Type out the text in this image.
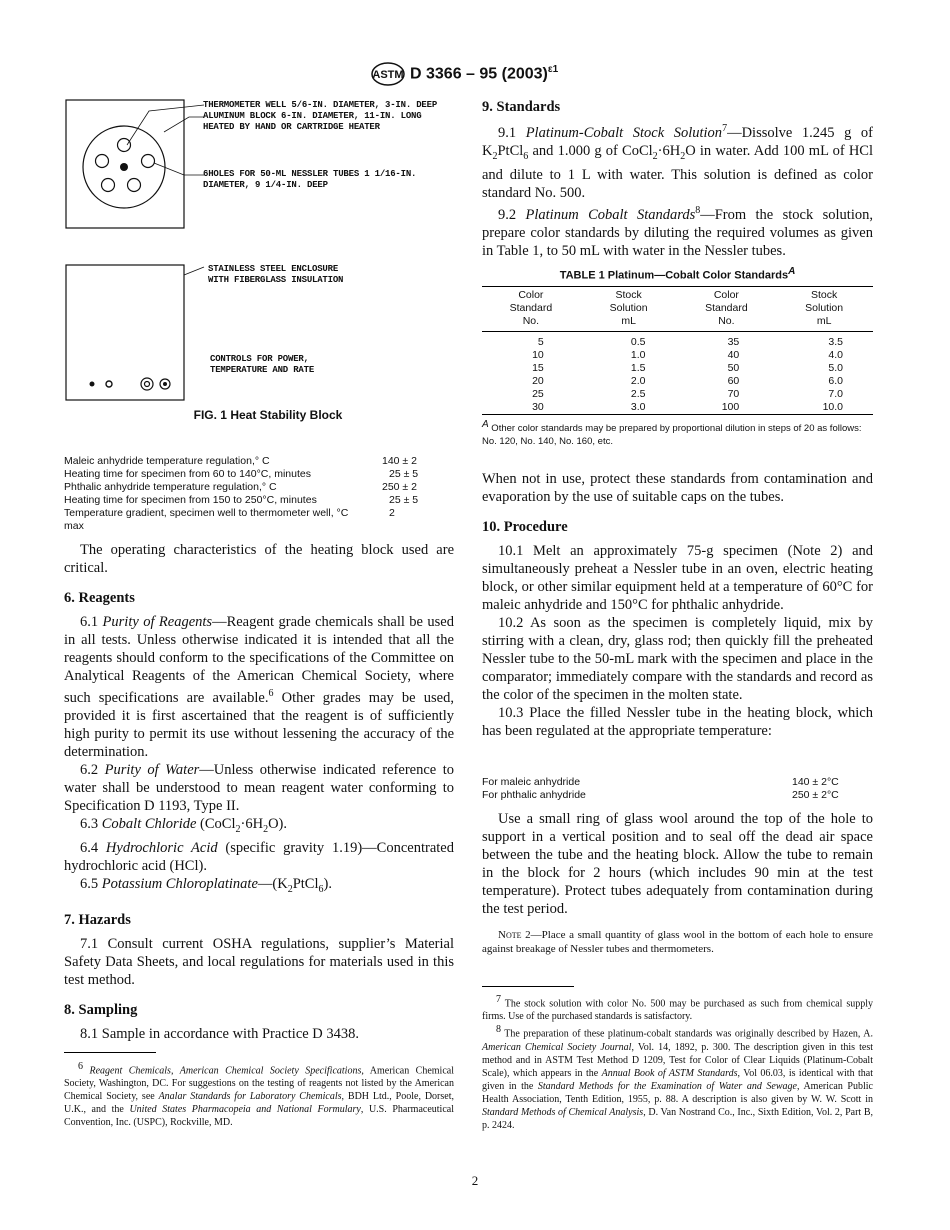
ASTM D 3366 – 95 $(2003)^{\varepsilon 1}$
THERMOMETER WELL 5/6-IN. DIAMETER, 3-IN. DEEP
ALUMINUM BLOCK 6-IN. DIAMETER, 11-IN. LONG
HEATED BY HAND OR CARTRIDGE HEATER
6HOLES FOR 50-ML NESSLER TUBES 1 1/16-IN.
DIAMETER, 9 1/4-IN. DEEP
STAINLESS STEEL ENCLOSURE
WITH FIBERGLASS INSULATION
CONTROLS FOR POWER,
TEMPERATURE AND RATE
FIG. 1 Heat Stability Block
Maleic anhydride temperature regulation,° C	140 ± 2
Heating time for specimen from 60 to 140°C, minutes	25 ± 5
Phthalic anhydride temperature regulation,° C	250 ± 2
Heating time for specimen from 150 to 250°C, minutes	25 ± 5
Temperature gradient, specimen well to thermometer well, °C	2
max

The operating characteristics of the heating block used are critical.

6. Reagents

6.1 Purity of Reagents—Reagent grade chemicals shall be used in all tests. Unless otherwise indicated it is intended that all the reagents should conform to the specifications of the Committee on Analytical Reagents of the American Chemical Society, where such specifications are available.$^6$ Other grades may be used, provided it is first ascertained that the reagent is of sufficiently high purity to permit its use without lessening the accuracy of the determination.

6.2 Purity of Water—Unless otherwise indicated reference to water shall be understood to mean reagent water conforming to Specification D 1193, Type II.

6.3 Cobalt Chloride $(CoCl_2\cdot 6H_2O)$.

6.4 Hydrochloric Acid (specific gravity 1.19)—Concentrated hydrochloric acid (HCl).

6.5 Potassium $Chloroplatinate—(K_2PtCl_6)$.

7. Hazards

7.1 Consult current OSHA regulations, supplier’s Material Safety Data Sheets, and local regulations for materials used in this test method.

8. Sampling

8.1 Sample in accordance with Practice D 3438.

6 Reagent Chemicals, American Chemical Society Specifications, American Chemical Society, Washington, DC. For suggestions on the testing of reagents not listed by the American Chemical Society, see Analar Standards for Laboratory Chemicals, BDH Ltd., Poole, Dorset, U.K., and the United States Pharmacopeia and National Formulary, U.S. Pharmaceutical Convention, Inc. (USPC), Rockville, MD.

9. Standards

9.1 Platinum-Cobalt Stock Solution$^7$—Dissolve 1.245 g of $K_2PtCl_6$ and 1.000 g of $CoCl_2\cdot 6H_2O$ in water. Add 100 mL of HCl and dilute to 1 L with water. This solution is defined as color standard No. 500.

9.2 Platinum Cobalt Standards$^8$—From the stock solution, prepare color standards by diluting the required volumes as given in Table 1, to 50 mL with water in the Nessler tubes.

TABLE 1 Platinum—Cobalt Color StandardsA
Color
Standard
No.	Stock
Solution
mL	Color
Standard
No.	Stock
Solution
mL
5	0.5	35	3.5
10	1.0	40	4.0
15	1.5	50	5.0
20	2.0	60	6.0
25	2.5	70	7.0
30	3.0	100	10.0
A Other color standards may be prepared by proportional dilution in steps of 20 as follows: No. 120, No. 140, No. 160, etc.

When not in use, protect these standards from contamination and evaporation by the use of suitable caps on the tubes.

10. Procedure

10.1 Melt an approximately 75-g specimen (Note 2) and simultaneously preheat a Nessler tube in an oven, electric heating block, or other similar equipment held at a temperature of 60°C for maleic anhydride and 150°C for phthalic anhydride.

10.2 As soon as the specimen is completely liquid, mix by stirring with a clean, dry, glass rod; then quickly fill the preheated Nessler tube to the 50-mL mark with the specimen and place in the comparator; immediately compare with the standards and record as the color of the specimen in the molten state.

10.3 Place the filled Nessler tube in the heating block, which has been regulated at the appropriate temperature:

For maleic anhydride	140 ± 2°C
For phthalic anhydride	250 ± 2°C

Use a small ring of glass wool around the top of the hole to support in a vertical position and to seal off the dead air space between the tube and the heating block. Allow the tube to remain in the block for 2 hours (which includes 90 min at the test temperature). Protect tubes adequately from contamination during the test period.

Note 2—Place a small quantity of glass wool in the bottom of each hole to ensure against breakage of Nessler tubes and thermometers.

7 The stock solution with color No. 500 may be purchased as such from chemical supply firms. Use of the purchased standards is satisfactory.

8 The preparation of these platinum-cobalt standards was originally described by Hazen, A. American Chemical Society Journal, Vol. 14, 1892, p. 300. The description given in this test method and in ASTM Test Method D 1209, Test for Color of Clear Liquids (Platinum-Cobalt Scale), which appears in the Annual Book of ASTM Standards, Vol 06.03, is identical with that given in the Standard Methods for the Examination of Water and Sewage, American Public Health Association, Tenth Edition, 1955, p. 88. A description is also given by W. W. Scott in Standard Methods of Chemical Analysis, D. Van Nostrand Co., Inc., Sixth Edition, Vol. 2, Part B, p. 2424.

2
